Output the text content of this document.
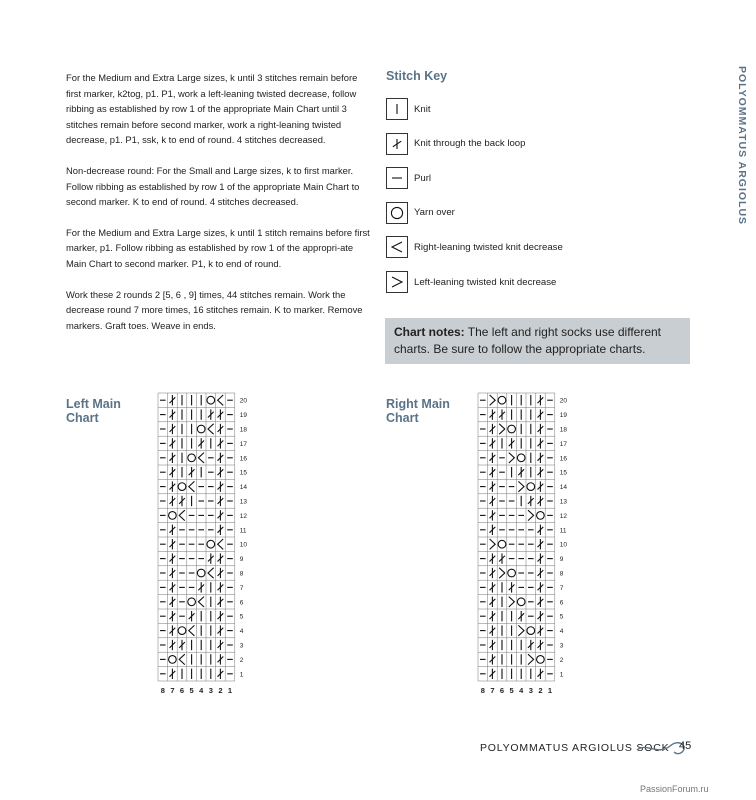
For the Medium and Extra Large sizes, k until 3 stitches remain before first marker, k2tog, p1. P1, work a left-leaning twisted decrease, follow ribbing as established by row 1 of the appropriate Main Chart until 3 stitches remain before second marker, work a right-leaning twisted decrease, p1. P1, ssk, k to end of round. 4 stitches decreased.

Non-decrease round: For the Small and Large sizes, k to first marker. Follow ribbing as established by row 1 of the appropriate Main Chart to second marker. K to end of round. 4 stitches decreased.

For the Medium and Extra Large sizes, k until 1 stitch remains before first marker, p1. Follow ribbing as established by row 1 of the appropri-ate Main Chart to second marker. P1, k to end of round.

Work these 2 rounds 2 [5, 6 , 9] times, 44 stitches remain. Work the decrease round 7 more times, 16 stitches remain. K to marker. Remove markers. Graft toes. Weave in ends.

Stitch Key
Knit
Knit through the back loop
Purl
Yarn over
Right-leaning twisted knit decrease
Left-leaning twisted knit decrease
Chart notes: The left and right socks use different charts. Be sure to follow the appropriate charts.
POLYOMMATUS ARGIOLUS
Left Main
Chart
20
19
18
17
16
15
14
13
12
11
10
9
8
7
6
5
4
3
2
1
8 7 6 5 4 3 2 1
Right Main
Chart
20
19
18
17
16
15
14
13
12
11
10
9
8
7
6
5
4
3
2
1
8 7 6 5 4 3 2 1
POLYOMMATUS ARGIOLUS SOCK 45
PassionForum.ru
